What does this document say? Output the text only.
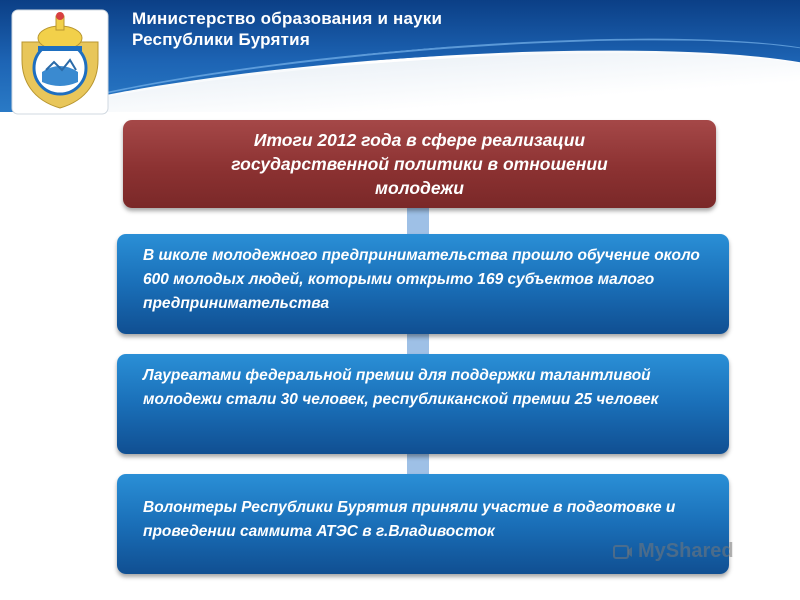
Министерство образования и науки
Республики Бурятия
Итоги 2012 года в сфере реализации государственной политики в отношении молодежи
В школе молодежного предпринимательства прошло обучение около 600 молодых людей, которыми открыто 169 субъектов малого предпринимательства
Лауреатами федеральной премии для поддержки талантливой молодежи стали 30 человек, республиканской премии 25 человек
Волонтеры Республики Бурятия приняли участие в подготовке и проведении саммита АТЭС в г.Владивосток
MyShared
